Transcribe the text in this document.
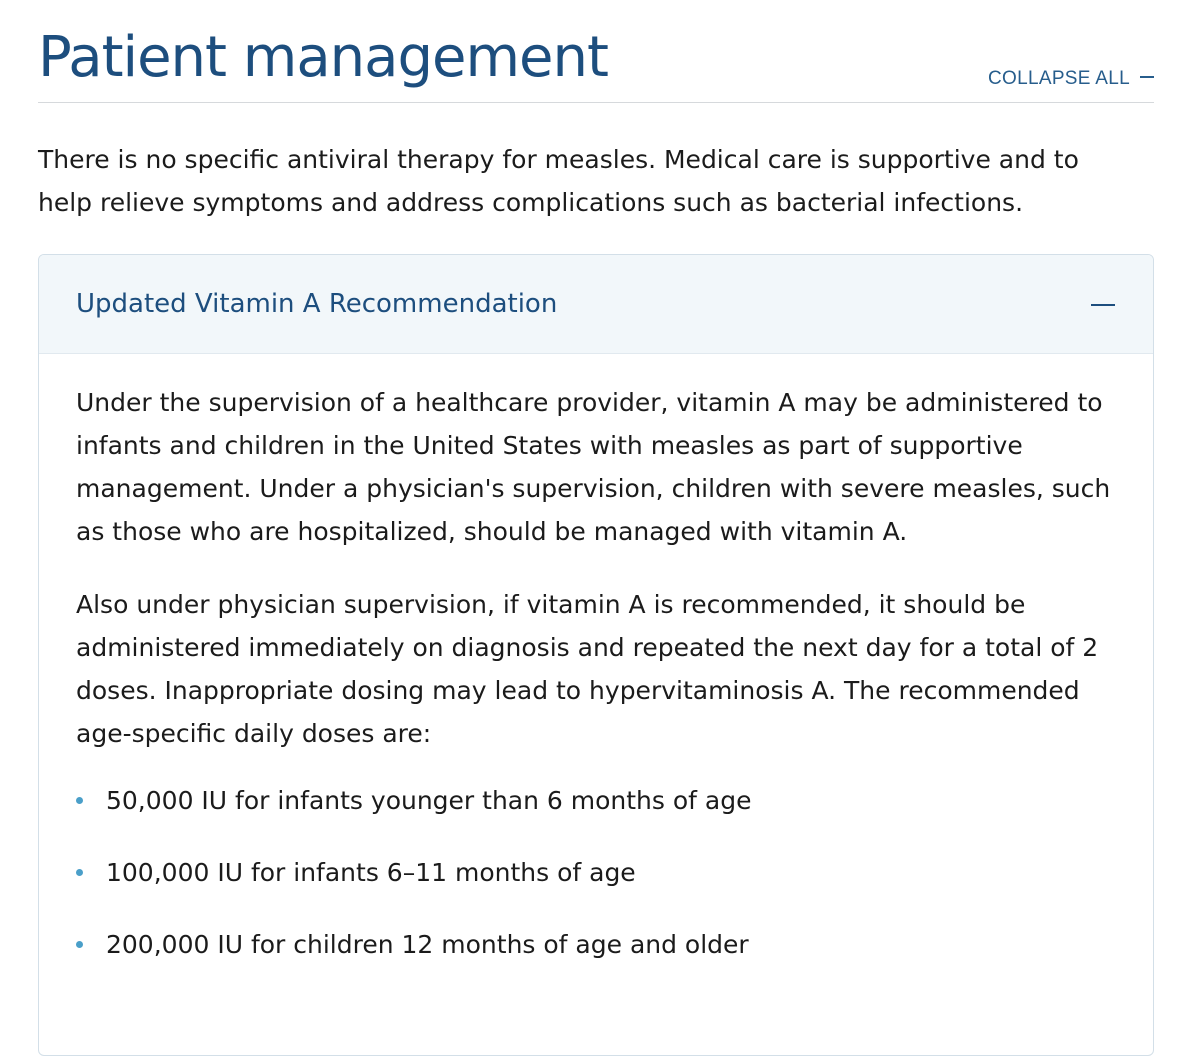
Patient management	COLLAPSE ALL

There is no specific antiviral therapy for measles. Medical care is supportive and to help relieve symptoms and address complications such as bacterial infections.

Updated Vitamin A Recommendation

Under the supervision of a healthcare provider, vitamin A may be administered to infants and children in the United States with measles as part of supportive management. Under a physician's supervision, children with severe measles, such as those who are hospitalized, should be managed with vitamin A.

Also under physician supervision, if vitamin A is recommended, it should be administered immediately on diagnosis and repeated the next day for a total of 2 doses. Inappropriate dosing may lead to hypervitaminosis A. The recommended age-specific daily doses are:

50,000 IU for infants younger than 6 months of age
100,000 IU for infants 6–11 months of age
200,000 IU for children 12 months of age and older
